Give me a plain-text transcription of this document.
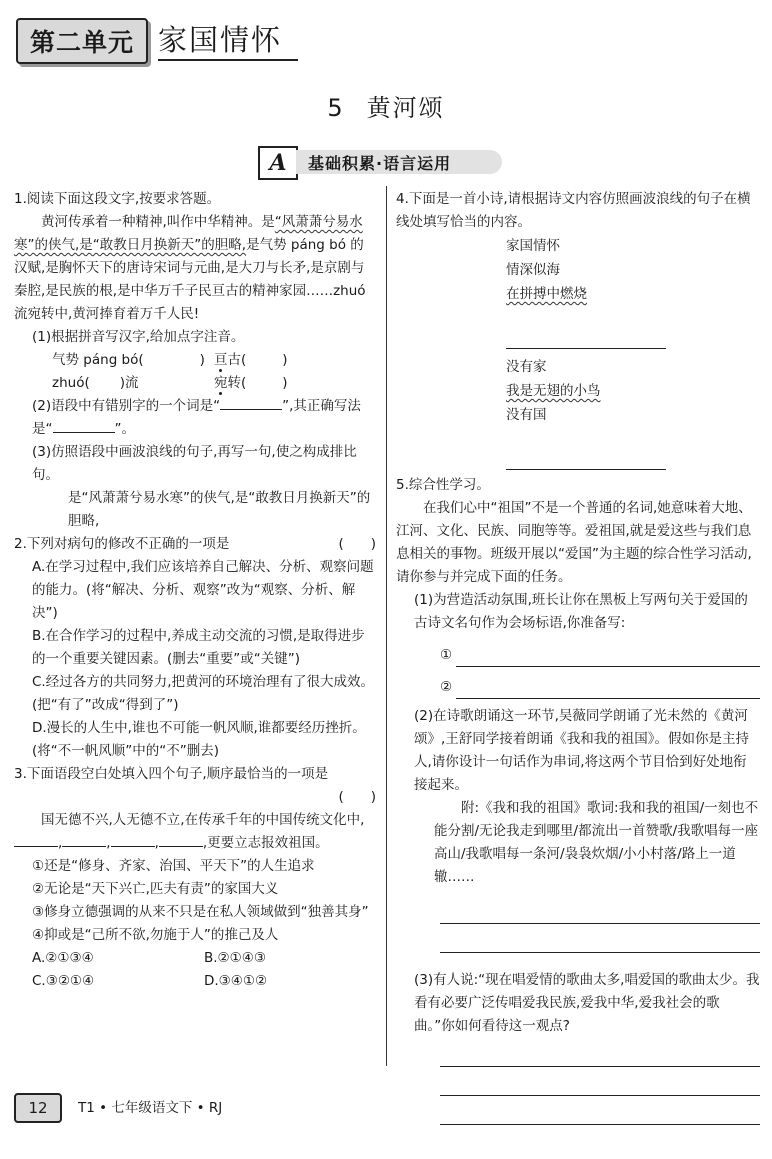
第二单元 家国情怀
5 黄河颂
A	基础积累·语言运用

1.阅读下面这段文字,按要求答题。

黄河传承着一种精神,叫作中华精神。是“风萧萧兮易水寒”的侠气,是“敢教日月换新天”的胆略,是气势 páng bó 的汉赋,是胸怀天下的唐诗宋词与元曲,是大刀与长矛,是京剧与秦腔,是民族的根,是中华万千子民亘古的精神家园……zhuó 流宛转中,黄河捧育着万千人民!

(1)根据拼音写汉字,给加点字注音。

气势 páng bó(	) 亘古(	)
zhuó( )流	宛转(	)

(2)语段中有错别字的一个词是“	”,其正确写法是“	”。

(3)仿照语段中画波浪线的句子,再写一句,使之构成排比句。

是“风萧萧兮易水寒”的侠气,是“敢教日月换新天”的胆略,

2.下列对病句的修改不正确的一项是	(　　)

A.在学习过程中,我们应该培养自己解决、分析、观察问题的能力。(将“解决、分析、观察”改为“观察、分析、解决”)

B.在合作学习的过程中,养成主动交流的习惯,是取得进步的一个重要关键因素。(删去“重要”或“关键”)

C.经过各方的共同努力,把黄河的环境治理有了很大成效。(把“有了”改成“得到了”)

D.漫长的人生中,谁也不可能一帆风顺,谁都要经历挫折。(将“不一帆风顺”中的“不”删去)

3.下面语段空白处填入四个句子,顺序最恰当的一项是

(　　)

国无德不兴,人无德不立,在传承千年的中国传统文化中,,	,	,	,更要立志报效祖国。

①还是“修身、齐家、治国、平天下”的人生追求

②无论是“天下兴亡,匹夫有责”的家国大义

③修身立德强调的从来不只是在私人领域做到“独善其身”

④抑或是“己所不欲,勿施于人”的推己及人

A.②①③④	B.②①④③
C.③②①④	D.③④①②

4.下面是一首小诗,请根据诗文内容仿照画波浪线的句子在横线处填写恰当的内容。

家国情怀
情深似海
在拼搏中燃烧
没有家
我是无翅的小鸟
没有国

5.综合性学习。

在我们心中“祖国”不是一个普通的名词,她意味着大地、江河、文化、民族、同胞等等。爱祖国,就是爱这些与我们息息相关的事物。班级开展以“爱国”为主题的综合性学习活动,请你参与并完成下面的任务。

(1)为营造活动氛围,班长让你在黑板上写两句关于爱国的古诗文名句作为会场标语,你准备写:

①
②

(2)在诗歌朗诵这一环节,吴薇同学朗诵了光未然的《黄河颂》,王舒同学接着朗诵《我和我的祖国》。假如你是主持人,请你设计一句话作为串词,将这两个节目恰到好处地衔接起来。

附:《我和我的祖国》歌词:我和我的祖国/一刻也不能分割/无论我走到哪里/都流出一首赞歌/我歌唱每一座高山/我歌唱每一条河/袅袅炊烟/小小村落/路上一道辙……

(3)有人说:“现在唱爱情的歌曲太多,唱爱国的歌曲太少。我看有必要广泛传唱爱我民族,爱我中华,爱我社会的歌曲。”你如何看待这一观点?

12	T1 • 七年级语文下 • RJ
